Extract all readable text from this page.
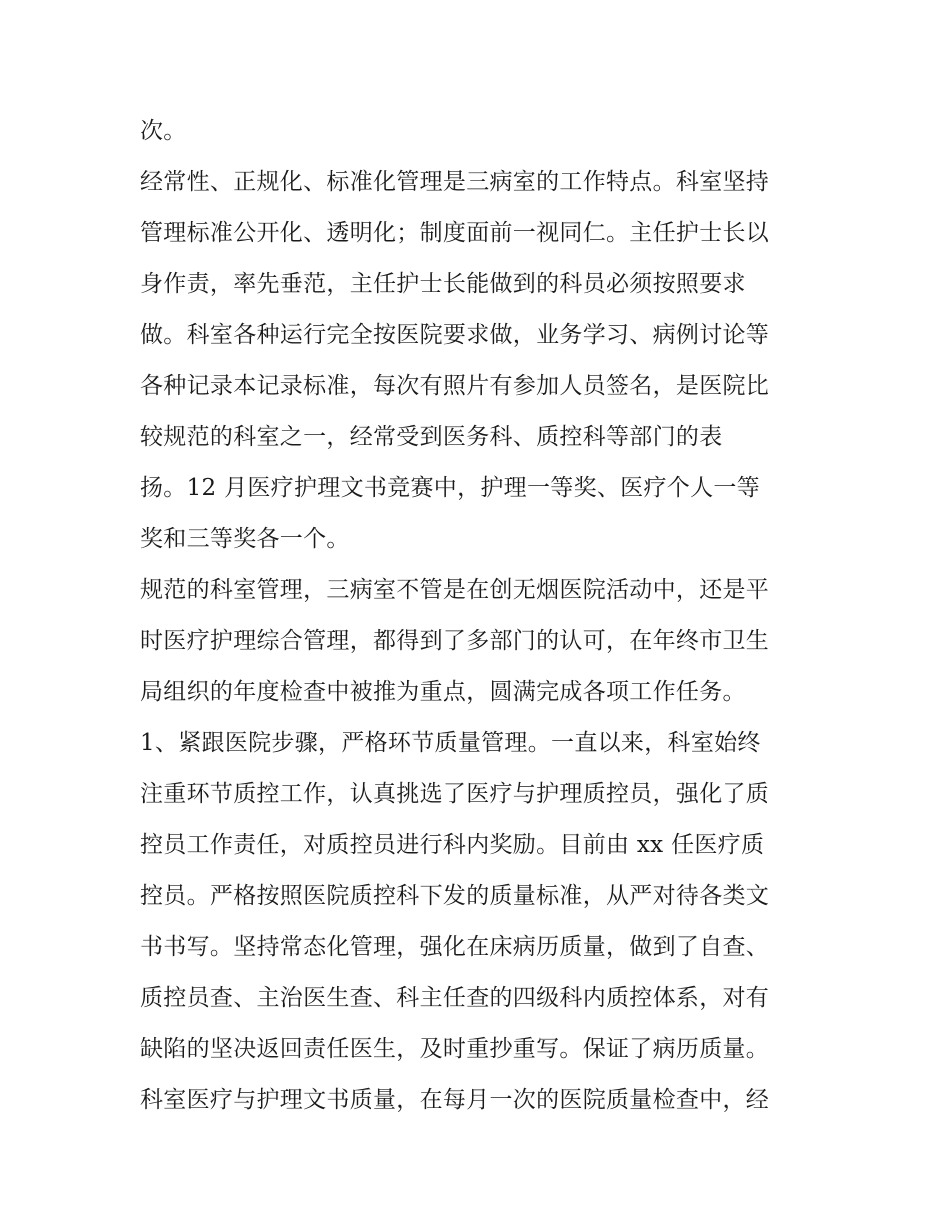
次。
经常性、正规化、标准化管理是三病室的工作特点。科室坚持
管理标准公开化、透明化；制度面前一视同仁。主任护士长以
身作责，率先垂范，主任护士长能做到的科员必须按照要求
做。科室各种运行完全按医院要求做，业务学习、病例讨论等
各种记录本记录标准，每次有照片有参加人员签名，是医院比
较规范的科室之一，经常受到医务科、质控科等部门的表
扬。12 月医疗护理文书竞赛中，护理一等奖、医疗个人一等
奖和三等奖各一个。
规范的科室管理，三病室不管是在创无烟医院活动中，还是平
时医疗护理综合管理，都得到了多部门的认可，在年终市卫生
局组织的年度检查中被推为重点，圆满完成各项工作任务。
1、紧跟医院步骤，严格环节质量管理。一直以来，科室始终
注重环节质控工作，认真挑选了医疗与护理质控员，强化了质
控员工作责任，对质控员进行科内奖励。目前由 xx 任医疗质
控员。严格按照医院质控科下发的质量标准，从严对待各类文
书书写。坚持常态化管理，强化在床病历质量，做到了自查、
质控员查、主治医生查、科主任查的四级科内质控体系，对有
缺陷的坚决返回责任医生，及时重抄重写。保证了病历质量。
科室医疗与护理文书质量，在每月一次的医院质量检查中，经
